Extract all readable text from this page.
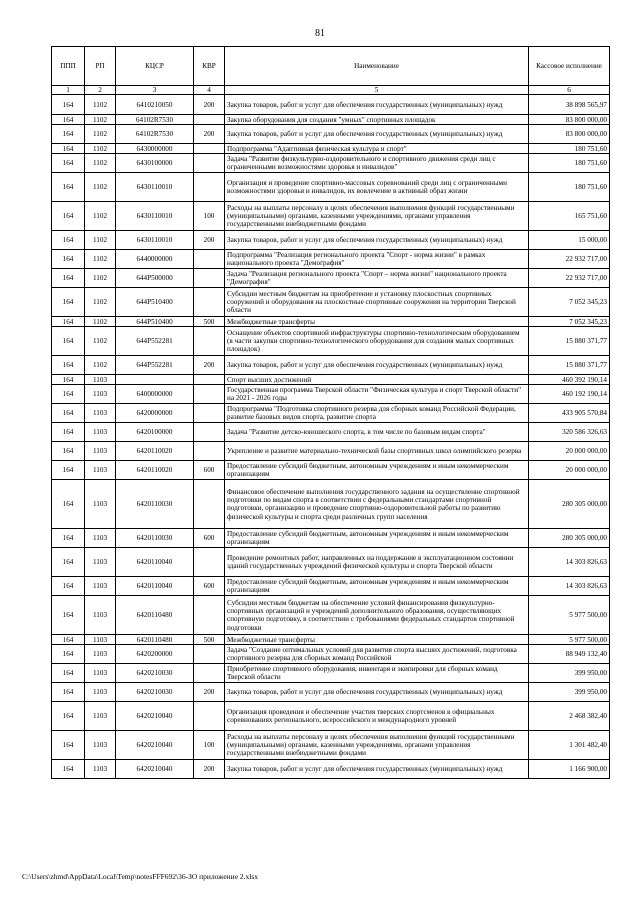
81
ППП	РП	КЦСР	КВР	Наименование	Кассовое исполнение
1	2	3	4	5	6
164	1102	6410210050	200	Закупка товаров, работ и услуг для обеспечения государственных (муниципальных) нужд	38 898 565,97
164	1102	64102R7530		Закупка оборудования для создания "умных" спортивных площадок	83 800 000,00
164	1102	64102R7530	200	Закупка товаров, работ и услуг для обеспечения государственных (муниципальных) нужд	83 800 000,00
164	1102	6430000000		Подпрограмма "Адаптивная физическая культура и спорт"	180 751,60
164	1102	6430100000		Задача "Развитие физкультурно-оздоровительного и спортивного движения среди лиц с ограниченными возможностями здоровья и инвалидов"	180 751,60
164	1102	6430110010		Организация и проведение спортивно-массовых соревнований среди лиц с ограниченными возможностями здоровья и инвалидов, их вовлечение в активный образ жизни	180 751,60
164	1102	6430110010	100	Расходы на выплаты персоналу в целях обеспечения выполнения функций государственными (муниципальными) органами, казенными учреждениями, органами управления государственными внебюджетными фондами	165 751,60
164	1102	6430110010	200	Закупка товаров, работ и услуг для обеспечения государственных (муниципальных) нужд	15 000,00
164	1102	6440000000		Подпрограмма "Реализация регионального проекта "Спорт - норма жизни" в рамках национального проекта "Демография"	22 932 717,00
164	1102	644P500000		Задача "Реализация регионального проекта "Спорт – норма жизни" национального проекта "Демография"	22 932 717,00
164	1102	644P510400		Субсидии местным бюджетам на приобретение и установку плоскостных спортивных сооружений и оборудования на плоскостные спортивные сооружения на территории Тверской области	7 052 345,23
164	1102	644P510400	500	Межбюджетные трансферты	7 052 345,23
164	1102	644P552281		Оснащение объектов спортивной инфраструктуры спортивно-технологическим оборудованием (в части закупки спортивно-технологического оборудования для создания малых спортивных площадок)	15 880 371,77
164	1102	644P552281	200	Закупка товаров, работ и услуг для обеспечения государственных (муниципальных) нужд	15 880 371,77
164	1103			Спорт высших достижений	460 392 190,14
164	1103	6400000000		Государственная программа Тверской области "Физическая культура и спорт Тверской области" на 2021 - 2026 годы	460 192 190,14
164	1103	6420000000		Подпрограмма "Подготовка спортивного резерва для сборных команд Российской Федерации, развитие базовых видов спорта, развитие спорта	433 905 570,84
164	1103	6420100000		Задача "Развитие детско-юношеского спорта, в том числе по базовым видам спорта"	320 586 326,63
164	1103	6420110020		Укрепление и развитие материально-технической базы спортивных школ олимпийского резерва	20 000 000,00
164	1103	6420110020	600	Предоставление субсидий бюджетным, автономным учреждениям и иным некоммерческим организациям	20 000 000,00
164	1103	6420110030		Финансовое обеспечение выполнения государственного задания на осуществление спортивной подготовки по видам спорта в соответствии с федеральными стандартами спортивной подготовки, организацию и проведение спортивно-оздоровительной работы по развитию физической культуры и спорта среди различных групп населения	280 305 000,00
164	1103	6420110030	600	Предоставление субсидий бюджетным, автономным учреждениям и иным некоммерческим организациям	280 305 000,00
164	1103	6420110040		Проведение ремонтных работ, направленных на поддержание в эксплуатационном состоянии зданий государственных учреждений физической культуры и спорта Тверской области	14 303 826,63
164	1103	6420110040	600	Предоставление субсидий бюджетным, автономным учреждениям и иным некоммерческим организациям	14 303 826,63
164	1103	6420110480		Субсидии местным бюджетам на обеспечение условий финансирования физкультурно-спортивных организаций и учреждений дополнительного образования, осуществляющих спортивную подготовку, в соответствии с требованиями федеральных стандартов спортивной подготовки	5 977 500,00
164	1103	6420110480	500	Межбюджетные трансферты	5 977 500,00
164	1103	6420200000		Задача "Создание оптимальных условий для развития спорта высших достижений, подготовка спортивного резерва для сборных команд Российской	88 949 132,40
164	1103	6420210030		Приобретение спортивного оборудования, инвентаря и экипировки для сборных команд Тверской области	399 950,00
164	1103	6420210030	200	Закупка товаров, работ и услуг для обеспечения государственных (муниципальных) нужд	399 950,00
164	1103	6420210040		Организация проведения и обеспечение участия тверских спортсменов в официальных соревнованиях регионального, всероссийского и международного уровней	2 468 382,40
164	1103	6420210040	100	Расходы на выплаты персоналу в целях обеспечения выполнения функций государственными (муниципальными) органами, казенными учреждениями, органами управления государственными внебюджетными фондами	1 301 482,40
164	1103	6420210040	200	Закупка товаров, работ и услуг для обеспечения государственных (муниципальных) нужд	1 166 900,00
C:\Users\zhmd\AppData\Local\Temp\notesFFF692\36-ЗО приложение 2.xlsx
